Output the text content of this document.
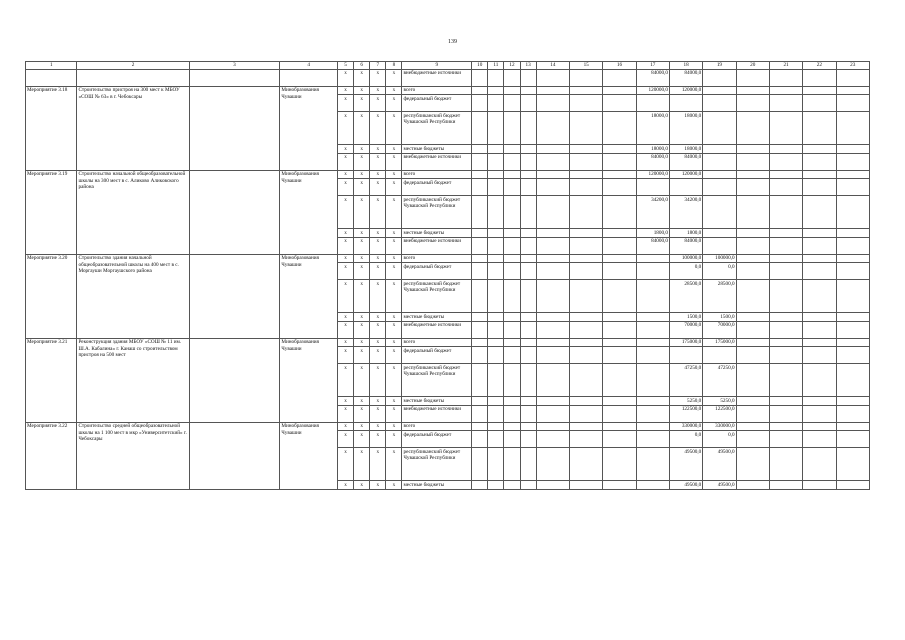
139
1	2	3	4	5	6	7	8	9	10	11	12	13	14	15	16	17	18	19	20	21	22	23
				x	x	x	x	внебюджетные источники								84000,0	84000,0					
Мероприятие 3.18	Строительство пристроя на 300 мест к МБОУ «СОШ № 63» в г. Чебоксары		Минобразования Чувашии	x	x	x	x	всего								120000,0	120000,0					
				x	x	x	x	федеральный бюджет														
				x	x	x	x	республиканский бюджет Чувашской Республики								18000,0	18000,0					
				x	x	x	x	местные бюджеты								18000,0	18000,0					
				x	x	x	x	внебюджетные источники								84000,0	84000,0					
Мероприятие 3.19	Строительство начальной общеобразовательной школы на 300 мест в с. Аликово Аликовского района		Минобразования Чувашии	x	x	x	x	всего								120000,0	120000,0					
				x	x	x	x	федеральный бюджет														
				x	x	x	x	республиканский бюджет Чувашской Республики								34200,0	34200,0					
				x	x	x	x	местные бюджеты								1800,0	1800,0					
				x	x	x	x	внебюджетные источники								84000,0	84000,0					
Мероприятие 3.20	Строительство здания начальной общеобразовательной школы на 400 мест в с. Моргауши Моргаушского района		Минобразования Чувашии	x	x	x	x	всего									100000,0	100000,0				
				x	x	x	x	федеральный бюджет									0,0	0,0				
				x	x	x	x	республиканский бюджет Чувашской Республики									28500,0	28500,0				
				x	x	x	x	местные бюджеты									1500,0	1500,0				
				x	x	x	x	внебюджетные источники									70000,0	70000,0				
Мероприятие 3.21	Реконструкция здания МБОУ «СОШ № 11 им. Ш.А. Кабалина» г. Канаш со строительством пристроя на 500 мест		Минобразования Чувашии	x	x	x	x	всего									175000,0	175000,0				
				x	x	x	x	федеральный бюджет														
				x	x	x	x	республиканский бюджет Чувашской Республики									47250,0	47250,0				
				x	x	x	x	местные бюджеты									5250,0	5250,0				
				x	x	x	x	внебюджетные источники									122500,0	122500,0				
Мероприятие 3.22	Строительство средней общеобразовательной школы на 1 100 мест в мкр «Университетский» г. Чебоксары		Минобразования Чувашии	x	x	x	x	всего									330000,0	330000,0				
				x	x	x	x	федеральный бюджет									0,0	0,0				
				x	x	x	x	республиканский бюджет Чувашской Республики									49500,0	49500,0				
				x	x	x	x	местные бюджеты									49500,0	49500,0				
